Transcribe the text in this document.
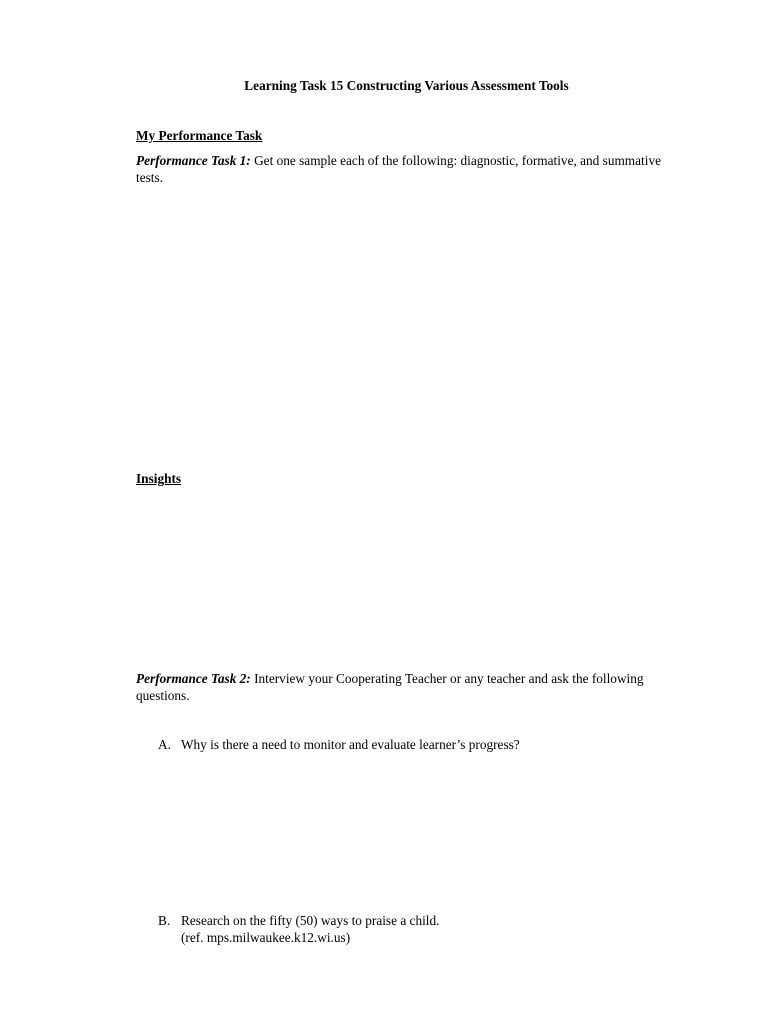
Learning Task 15 Constructing Various Assessment Tools
My Performance Task
Performance Task 1: Get one sample each of the following: diagnostic, formative, and summative tests.
Insights
Performance Task 2: Interview your Cooperating Teacher or any teacher and ask the following questions.
A. Why is there a need to monitor and evaluate learner’s progress?
B. Research on the fifty (50) ways to praise a child.
(ref. mps.milwaukee.k12.wi.us)
